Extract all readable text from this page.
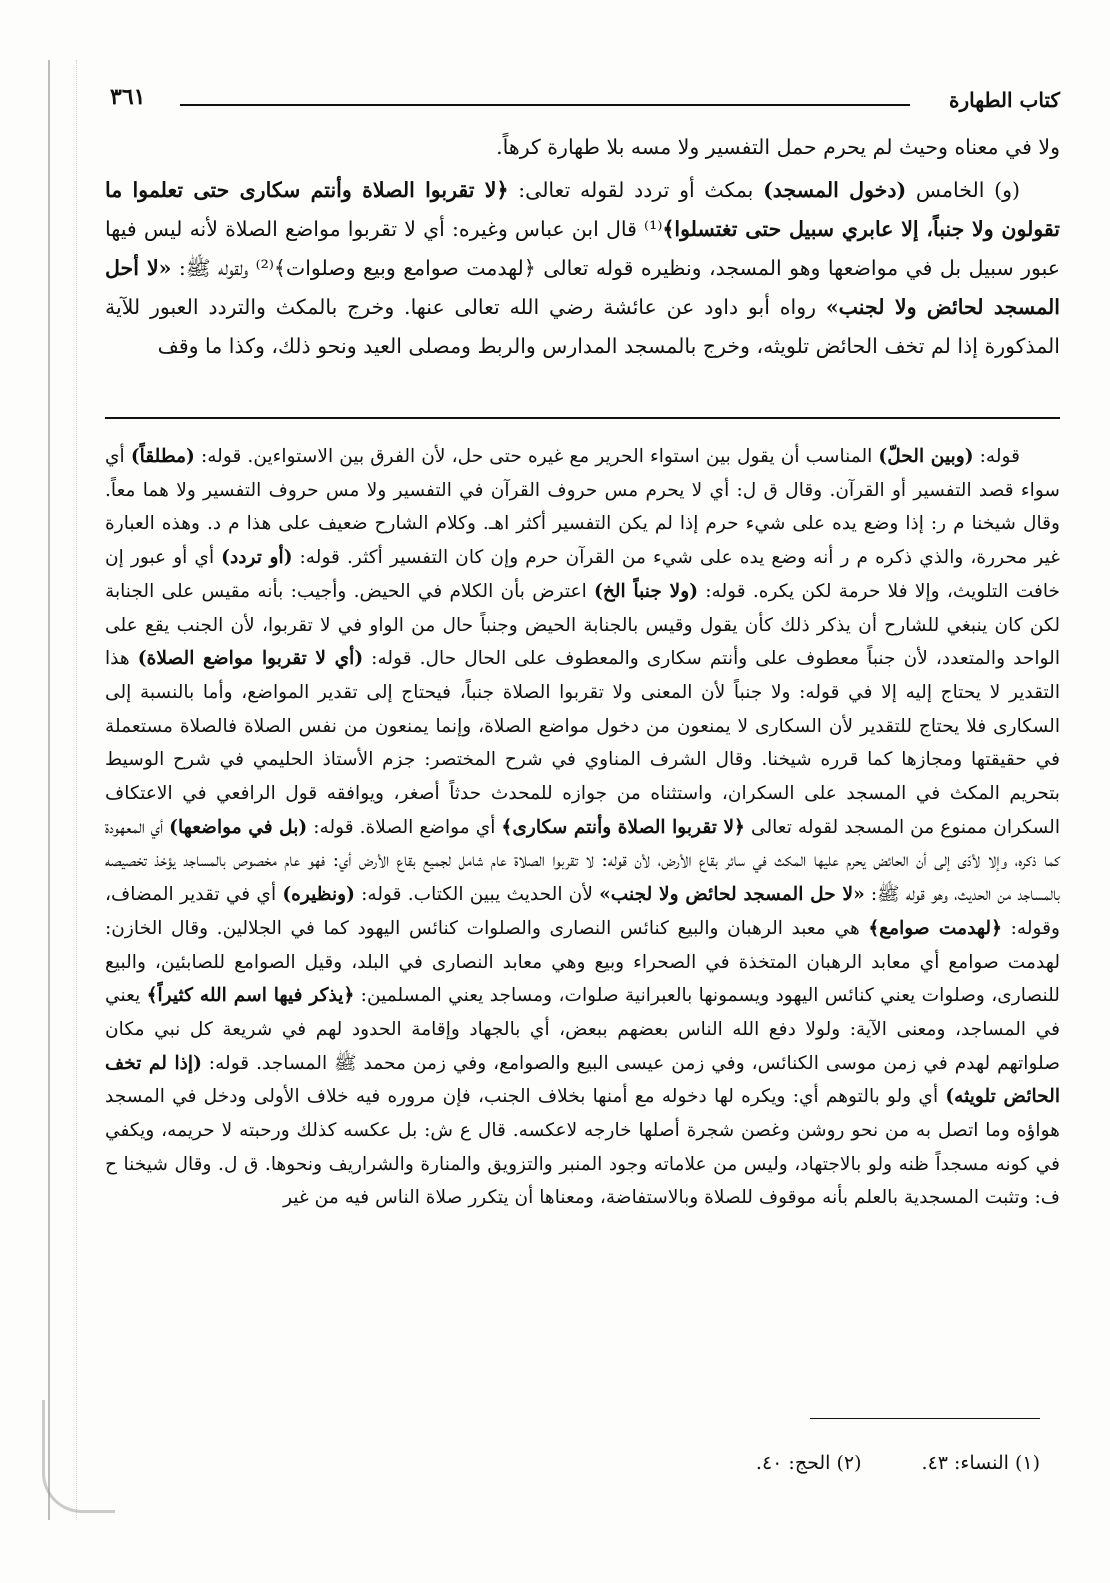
كتاب الطهارة
٣٦١

ولا في معناه وحيث لم يحرم حمل التفسير ولا مسه بلا طهارة كرهاً.

(و) الخامس (دخول المسجد) بمكث أو تردد لقوله تعالى: ﴿لا تقربوا الصلاة وأنتم سكارى حتى تعلموا ما تقولون ولا جنباً، إلا عابري سبيل حتى تغتسلوا﴾⁽¹⁾ قال ابن عباس وغيره: أي لا تقربوا مواضع الصلاة لأنه ليس فيها عبور سبيل بل في مواضعها وهو المسجد، ونظيره قوله تعالى ﴿لهدمت صوامع وبيع وصلوات﴾⁽²⁾ ولقوله ﷺ: «لا أحل المسجد لحائض ولا لجنب» رواه أبو داود عن عائشة رضي الله تعالى عنها. وخرج بالمكث والتردد العبور للآية المذكورة إذا لم تخف الحائض تلويثه، وخرج بالمسجد المدارس والربط ومصلى العيد ونحو ذلك، وكذا ما وقف

قوله: (وبين الحلّ) المناسب أن يقول بين استواء الحرير مع غيره حتى حل، لأن الفرق بين الاستواءين. قوله: (مطلقاً) أي سواء قصد التفسير أو القرآن. وقال ق ل: أي لا يحرم مس حروف القرآن في التفسير ولا مس حروف التفسير ولا هما معاً. وقال شيخنا م ر: إذا وضع يده على شيء حرم إذا لم يكن التفسير أكثر اهـ. وكلام الشارح ضعيف على هذا م د. وهذه العبارة غير محررة، والذي ذكره م ر أنه وضع يده على شيء من القرآن حرم وإن كان التفسير أكثر. قوله: (أو تردد) أي أو عبور إن خافت التلويث، وإلا فلا حرمة لكن يكره. قوله: (ولا جنباً الخ) اعترض بأن الكلام في الحيض. وأجيب: بأنه مقيس على الجنابة لكن كان ينبغي للشارح أن يذكر ذلك كأن يقول وقيس بالجنابة الحيض وجنباً حال من الواو في لا تقربوا، لأن الجنب يقع على الواحد والمتعدد، لأن جنباً معطوف على وأنتم سكارى والمعطوف على الحال حال. قوله: (أي لا تقربوا مواضع الصلاة) هذا التقدير لا يحتاج إليه إلا في قوله: ولا جنباً لأن المعنى ولا تقربوا الصلاة جنباً، فيحتاج إلى تقدير المواضع، وأما بالنسبة إلى السكارى فلا يحتاج للتقدير لأن السكارى لا يمنعون من دخول مواضع الصلاة، وإنما يمنعون من نفس الصلاة فالصلاة مستعملة في حقيقتها ومجازها كما قرره شيخنا. وقال الشرف المناوي في شرح المختصر: جزم الأستاذ الحليمي في شرح الوسيط بتحريم المكث في المسجد على السكران، واستثناه من جوازه للمحدث حدثاً أصغر، ويوافقه قول الرافعي في الاعتكاف السكران ممنوع من المسجد لقوله تعالى ﴿لا تقربوا الصلاة وأنتم سكارى﴾ أي مواضع الصلاة. قوله: (بل في مواضعها) أي المعهودة كما ذكره، وإلا لأدّى إلى أن الحائض يحرم عليها المكث في سائر بقاع الأرض، لأن قوله: لا تقربوا الصلاة عام شامل لجميع بقاع الأرض أي: فهو عام مخصوص بالمساجد يؤخذ تخصيصه بالمساجد من الحديث، وهو قوله ﷺ: «لا حل المسجد لحائض ولا لجنب» لأن الحديث يبين الكتاب. قوله: (ونظيره) أي في تقدير المضاف، وقوله: ﴿لهدمت صوامع﴾ هي معبد الرهبان والبيع كنائس النصارى والصلوات كنائس اليهود كما في الجلالين. وقال الخازن: لهدمت صوامع أي معابد الرهبان المتخذة في الصحراء وبيع وهي معابد النصارى في البلد، وقيل الصوامع للصابئين، والبيع للنصارى، وصلوات يعني كنائس اليهود ويسمونها بالعبرانية صلوات، ومساجد يعني المسلمين: ﴿يذكر فيها اسم الله كثيراً﴾ يعني في المساجد، ومعنى الآية: ولولا دفع الله الناس بعضهم ببعض، أي بالجهاد وإقامة الحدود لهم في شريعة كل نبي مكان صلواتهم لهدم في زمن موسى الكنائس، وفي زمن عيسى البيع والصوامع، وفي زمن محمد ﷺ المساجد. قوله: (إذا لم تخف الحائض تلويثه) أي ولو بالتوهم أي: ويكره لها دخوله مع أمنها بخلاف الجنب، فإن مروره فيه خلاف الأولى ودخل في المسجد هواؤه وما اتصل به من نحو روشن وغصن شجرة أصلها خارجه لاعكسه. قال ع ش: بل عكسه كذلك ورحبته لا حريمه، ويكفي في كونه مسجداً ظنه ولو بالاجتهاد، وليس من علاماته وجود المنبر والتزويق والمنارة والشراريف ونحوها. ق ل. وقال شيخنا ح ف: وتثبت المسجدية بالعلم بأنه موقوف للصلاة وبالاستفاضة، ومعناها أن يتكرر صلاة الناس فيه من غير

(١) النساء: ٤٣.
(٢) الحج: ٤٠.
